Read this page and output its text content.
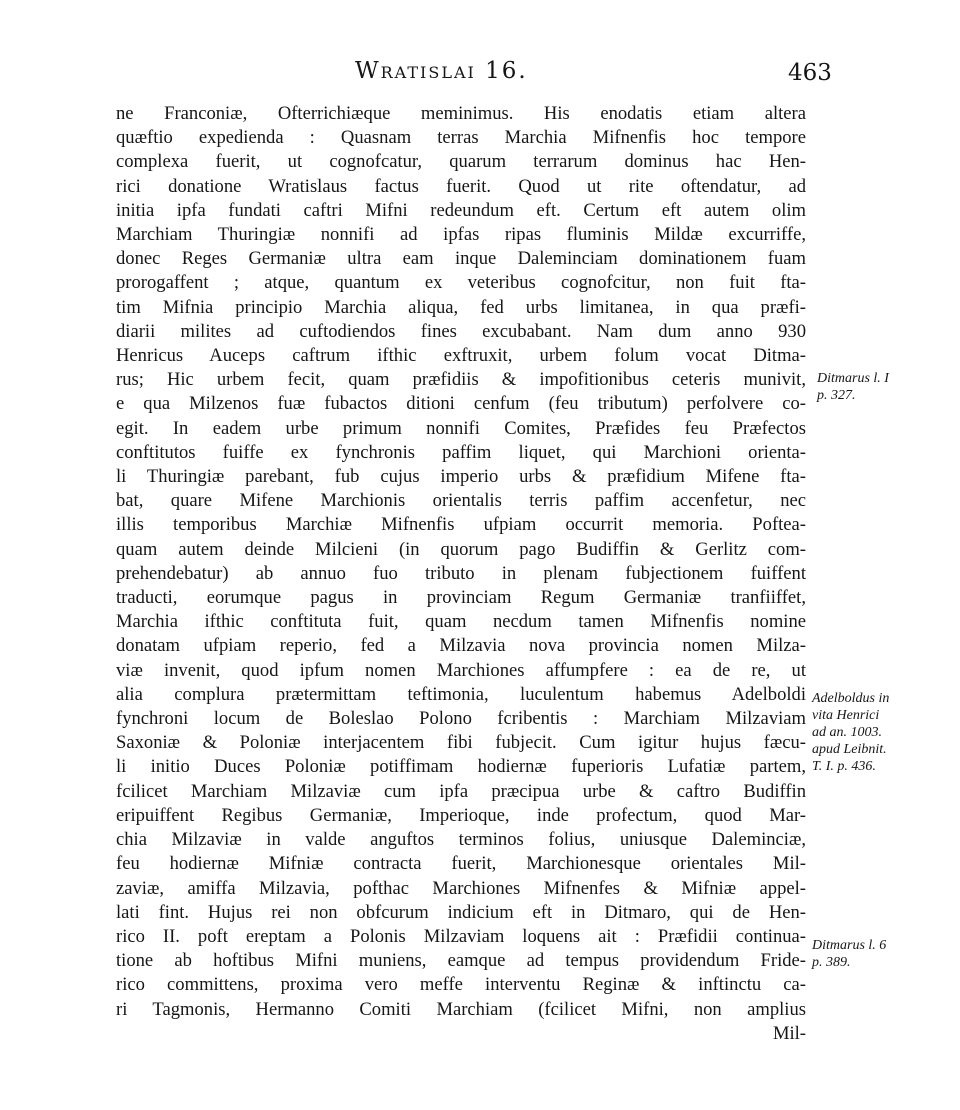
Wratislai 16.	463
ne Franconiæ, Ofterrichiæque meminimus. His enodatis etiam altera
quæftio expedienda : Quasnam terras Marchia Mifnenfis hoc tempore
complexa fuerit, ut cognofcatur, quarum terrarum dominus hac Hen-
rici donatione Wratislaus factus fuerit. Quod ut rite oftendatur, ad
initia ipfa fundati caftri Mifni redeundum eft. Certum eft autem olim
Marchiam Thuringiæ nonnifi ad ipfas ripas fluminis Mildæ excurriffe,
donec Reges Germaniæ ultra eam inque Daleminciam dominationem fuam
prorogaffent ; atque, quantum ex veteribus cognofcitur, non fuit fta-
tim Mifnia principio Marchia aliqua, fed urbs limitanea, in qua præfi-
diarii milites ad cuftodiendos fines excubabant. Nam dum anno 930
Henricus Auceps caftrum ifthic exftruxit, urbem folum vocat Ditma-
rus; Hic urbem fecit, quam præfidiis & impofitionibus ceteris munivit,
e qua Milzenos fuæ fubactos ditioni cenfum (feu tributum) perfolvere co-
egit. In eadem urbe primum nonnifi Comites, Præfides feu Præfectos
conftitutos fuiffe ex fynchronis paffim liquet, qui Marchioni orienta-
li Thuringiæ parebant, fub cujus imperio urbs & præfidium Mifene fta-
bat, quare Mifene Marchionis orientalis terris paffim accenfetur, nec
illis temporibus Marchiæ Mifnenfis ufpiam occurrit memoria. Poftea-
quam autem deinde Milcieni (in quorum pago Budiffin & Gerlitz com-
prehendebatur) ab annuo fuo tributo in plenam fubjectionem fuiffent
traducti, eorumque pagus in provinciam Regum Germaniæ tranfiiffet,
Marchia ifthic conftituta fuit, quam necdum tamen Mifnenfis nomine
donatam ufpiam reperio, fed a Milzavia nova provincia nomen Milza-
viæ invenit, quod ipfum nomen Marchiones affumpfere : ea de re, ut
alia complura prætermittam teftimonia, luculentum habemus Adelboldi
fynchroni locum de Boleslao Polono fcribentis : Marchiam Milzaviam
Saxoniæ & Poloniæ interjacentem fibi fubjecit. Cum igitur hujus fæcu-
li initio Duces Poloniæ potiffimam hodiernæ fuperioris Lufatiæ partem,
fcilicet Marchiam Milzaviæ cum ipfa præcipua urbe & caftro Budiffin
eripuiffent Regibus Germaniæ, Imperioque, inde profectum, quod Mar-
chia Milzaviæ in valde anguftos terminos folius, uniusque Daleminciæ,
feu hodiernæ Mifniæ contracta fuerit, Marchionesque orientales Mil-
zaviæ, amiffa Milzavia, pofthac Marchiones Mifnenfes & Mifniæ appel-
lati fint. Hujus rei non obfcurum indicium eft in Ditmaro, qui de Hen-
rico II. poft ereptam a Polonis Milzaviam loquens ait : Præfidii continua-
tione ab hoftibus Mifni muniens, eamque ad tempus providendum Fride-
rico committens, proxima vero meffe interventu Reginæ & inftinctu ca-
ri Tagmonis, Hermanno Comiti Marchiam (fcilicet Mifni, non amplius
Mil-
Ditmarus l. I
p. 327.
Adelboldus in
vita Henrici
ad an. 1003.
apud Leibnit.
T. I. p. 436.
Ditmarus l. 6
p. 389.
